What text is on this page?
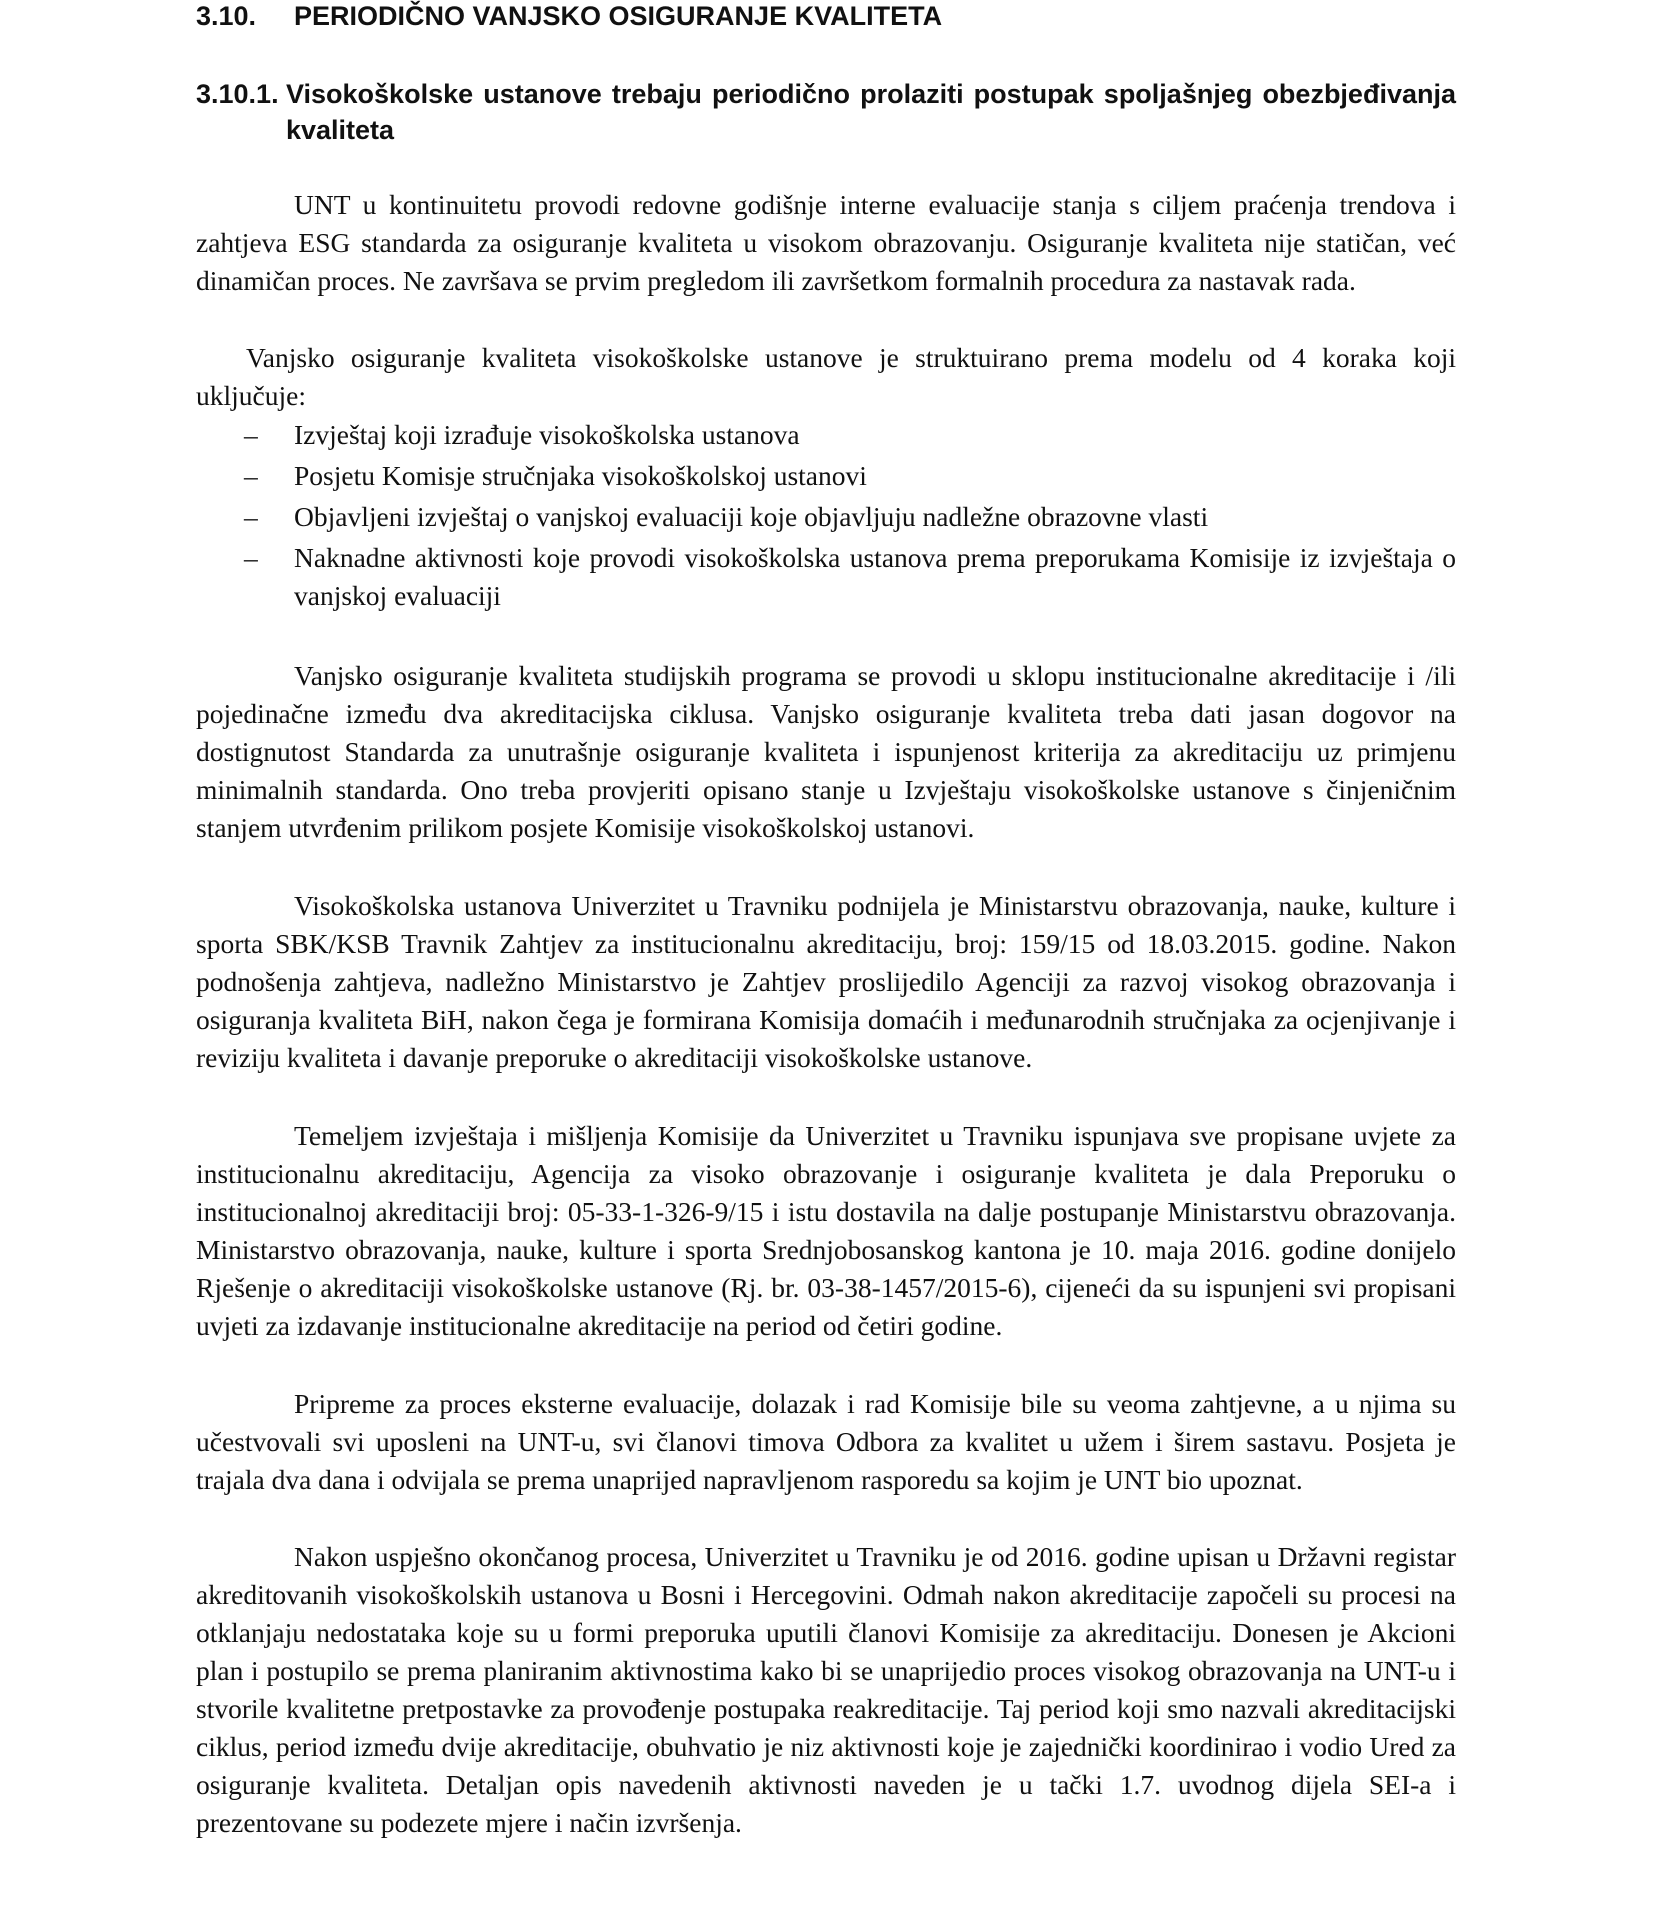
3.10. PERIODIČNO VANJSKO OSIGURANJE KVALITETA
3.10.1. Visokoškolske ustanove trebaju periodično prolaziti postupak spoljašnjeg obezbjeđivanja kvaliteta

UNT u kontinuitetu provodi redovne godišnje interne evaluacije stanja s ciljem praćenja trendova i zahtjeva ESG standarda za osiguranje kvaliteta u visokom obrazovanju. Osiguranje kvaliteta nije statičan, već dinamičan proces. Ne završava se prvim pregledom ili završetkom formalnih procedura za nastavak rada.

Vanjsko osiguranje kvaliteta visokoškolske ustanove je struktuirano prema modelu od 4 koraka koji uključuje:

– Izvještaj koji izrađuje visokoškolska ustanova
– Posjetu Komisje stručnjaka visokoškolskoj ustanovi
– Objavljeni izvještaj o vanjskoj evaluaciji koje objavljuju nadležne obrazovne vlasti
– Naknadne aktivnosti koje provodi visokoškolska ustanova prema preporukama Komisije iz izvještaja o vanjskoj evaluaciji

Vanjsko osiguranje kvaliteta studijskih programa se provodi u sklopu institucionalne akreditacije i /ili pojedinačne između dva akreditacijska ciklusa. Vanjsko osiguranje kvaliteta treba dati jasan dogovor na dostignutost Standarda za unutrašnje osiguranje kvaliteta i ispunjenost kriterija za akreditaciju uz primjenu minimalnih standarda. Ono treba provjeriti opisano stanje u Izvještaju visokoškolske ustanove s činjeničnim stanjem utvrđenim prilikom posjete Komisije visokoškolskoj ustanovi.

Visokoškolska ustanova Univerzitet u Travniku podnijela je Ministarstvu obrazovanja, nauke, kulture i sporta SBK/KSB Travnik Zahtjev za institucionalnu akreditaciju, broj: 159/15 od 18.03.2015. godine. Nakon podnošenja zahtjeva, nadležno Ministarstvo je Zahtjev proslijedilo Agenciji za razvoj visokog obrazovanja i osiguranja kvaliteta BiH, nakon čega je formirana Komisija domaćih i međunarodnih stručnjaka za ocjenjivanje i reviziju kvaliteta i davanje preporuke o akreditaciji visokoškolske ustanove.

Temeljem izvještaja i mišljenja Komisije da Univerzitet u Travniku ispunjava sve propisane uvjete za institucionalnu akreditaciju, Agencija za visoko obrazovanje i osiguranje kvaliteta je dala Preporuku o institucionalnoj akreditaciji broj: 05-33-1-326-9/15 i istu dostavila na dalje postupanje Ministarstvu obrazovanja. Ministarstvo obrazovanja, nauke, kulture i sporta Srednjobosanskog kantona je 10. maja 2016. godine donijelo Rješenje o akreditaciji visokoškolske ustanove (Rj. br. 03-38-1457/2015-6), cijeneći da su ispunjeni svi propisani uvjeti za izdavanje institucionalne akreditacije na period od četiri godine.

Pripreme za proces eksterne evaluacije, dolazak i rad Komisije bile su veoma zahtjevne, a u njima su učestvovali svi uposleni na UNT-u, svi članovi timova Odbora za kvalitet u užem i širem sastavu. Posjeta je trajala dva dana i odvijala se prema unaprijed napravljenom rasporedu sa kojim je UNT bio upoznat.

Nakon uspješno okončanog procesa, Univerzitet u Travniku je od 2016. godine upisan u Državni registar akreditovanih visokoškolskih ustanova u Bosni i Hercegovini. Odmah nakon akreditacije započeli su procesi na otklanjaju nedostataka koje su u formi preporuka uputili članovi Komisije za akreditaciju. Donesen je Akcioni plan i postupilo se prema planiranim aktivnostima kako bi se unaprijedio proces visokog obrazovanja na UNT-u i stvorile kvalitetne pretpostavke za provođenje postupaka reakreditacije. Taj period koji smo nazvali akreditacijski ciklus, period između dvije akreditacije, obuhvatio je niz aktivnosti koje je zajednički koordinirao i vodio Ured za osiguranje kvaliteta. Detaljan opis navedenih aktivnosti naveden je u tački 1.7. uvodnog dijela SEI-a i prezentovane su podezete mjere i način izvršenja.
